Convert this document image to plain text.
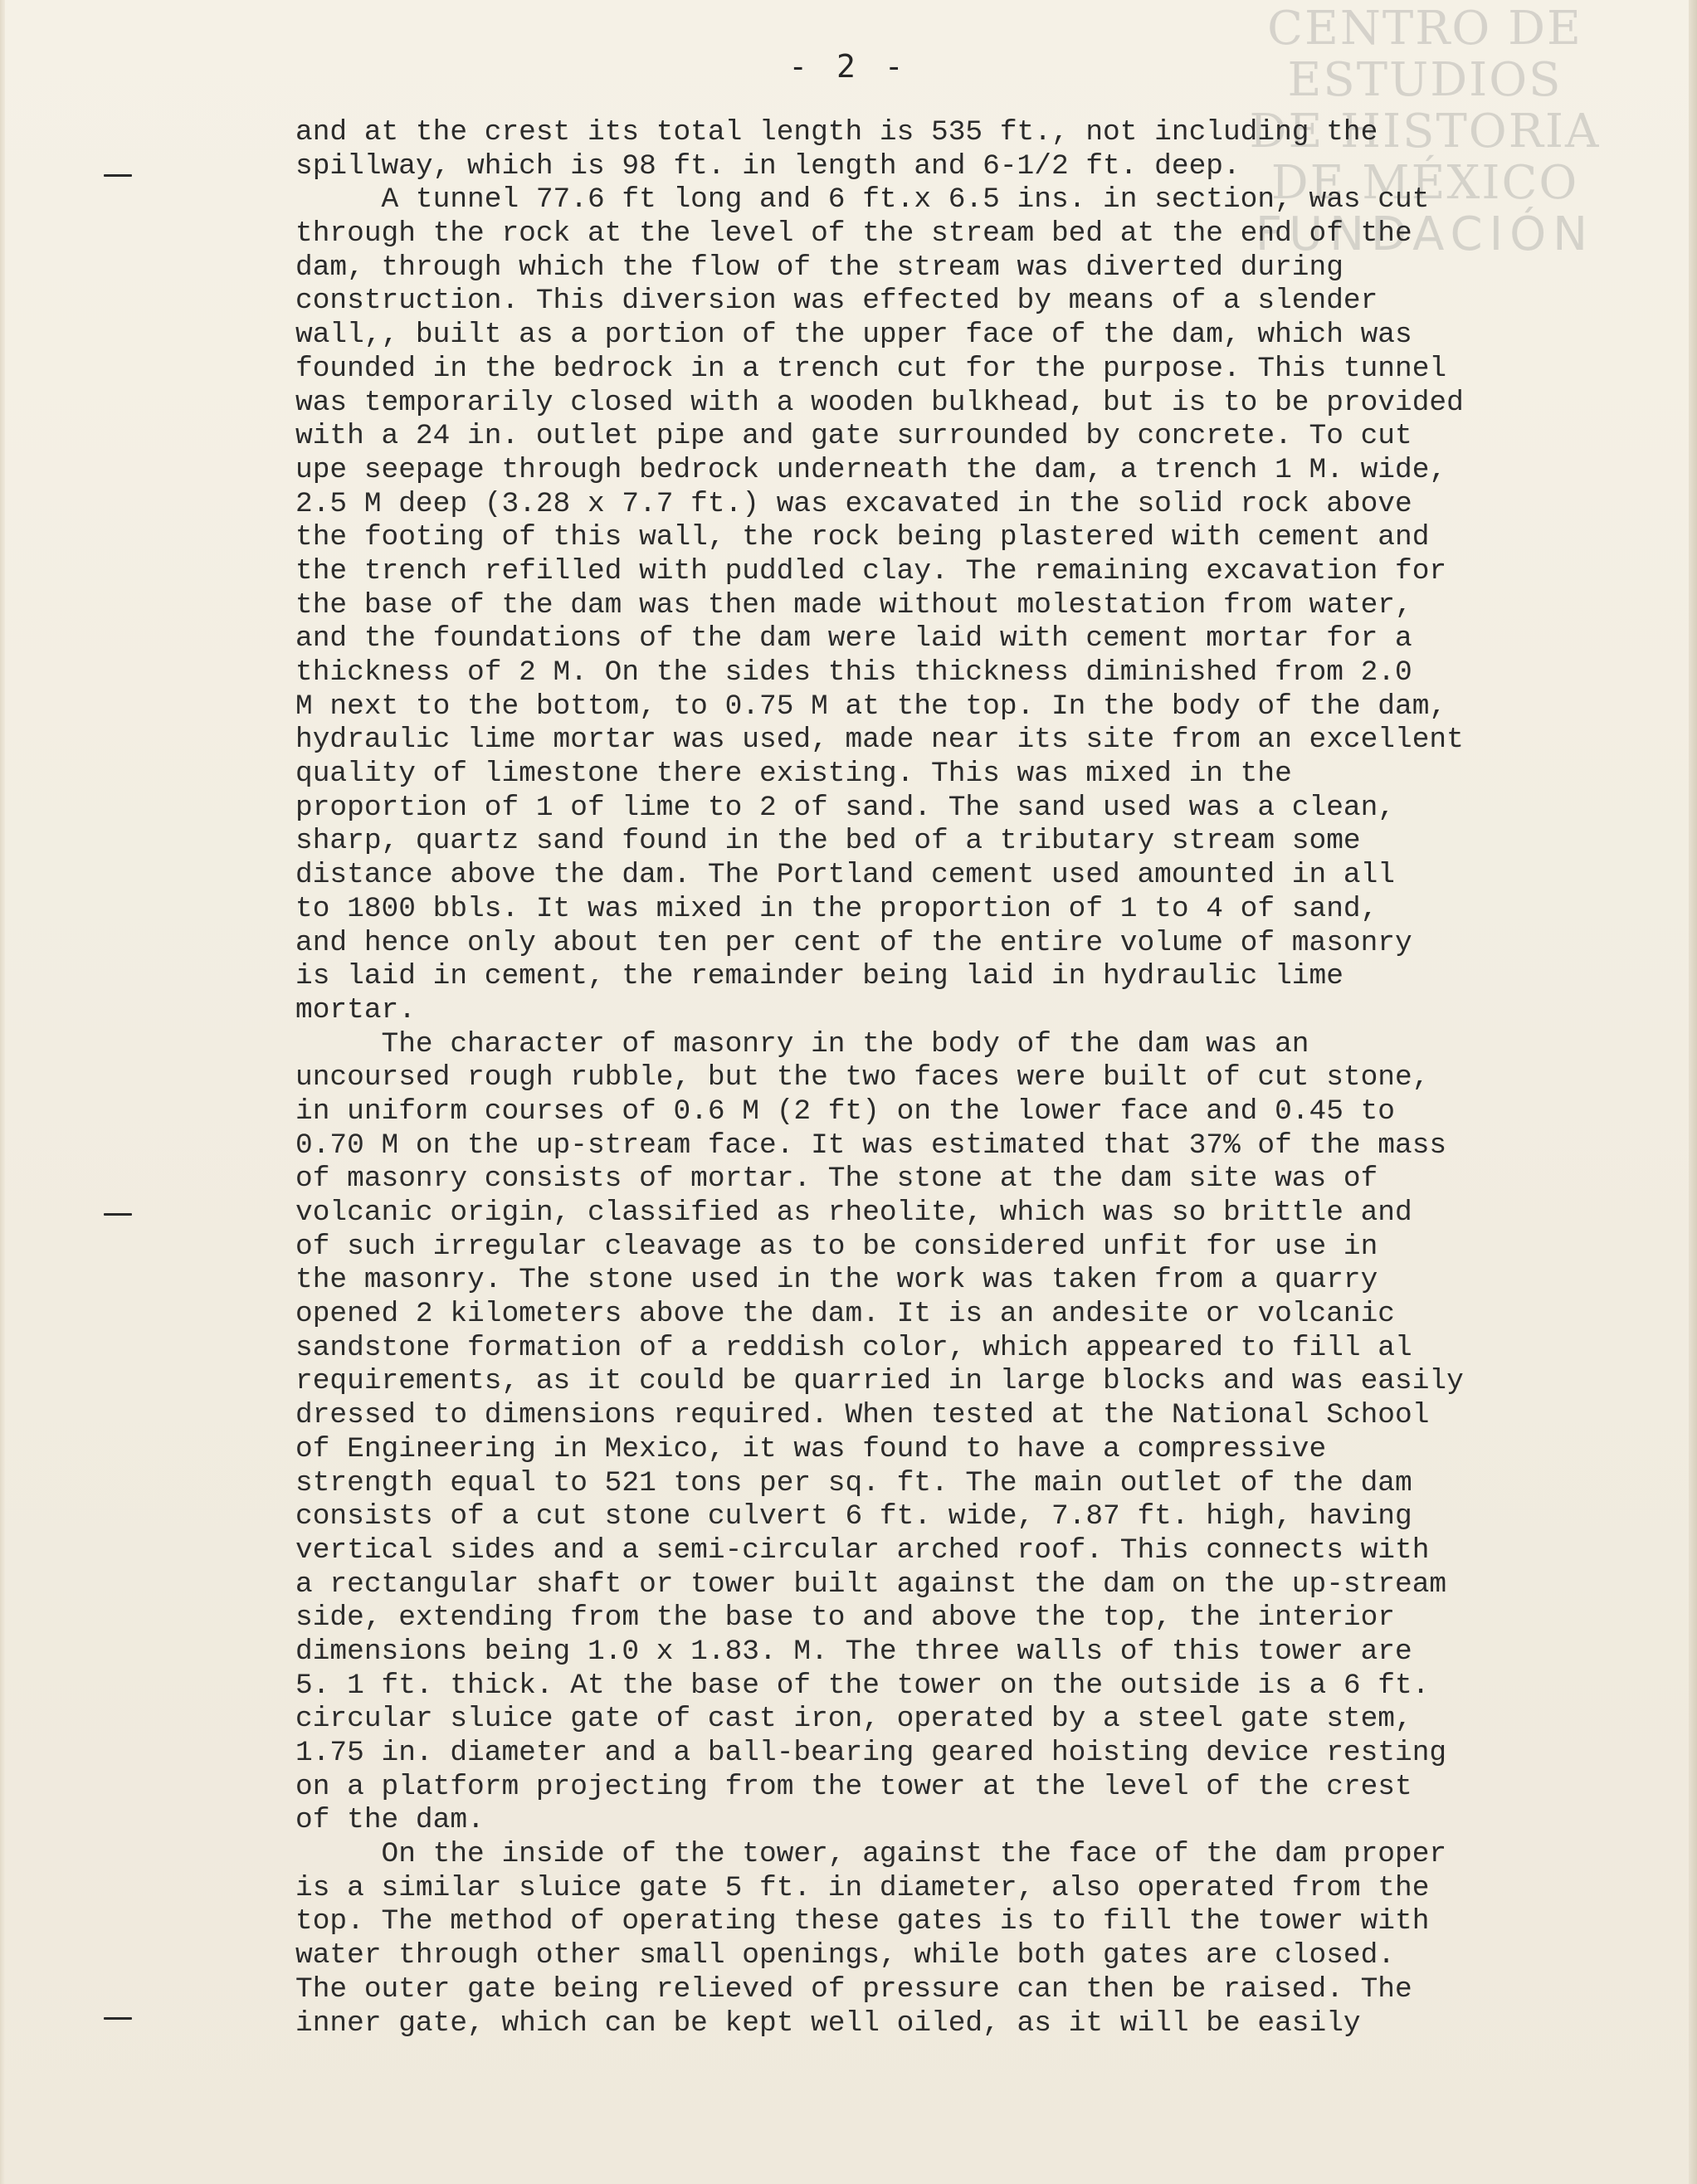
CENTRO DE
ESTUDIOS
DE HISTORIA
DE MÉXICO
FUNDACIÓN
- 2 -
and at the crest its total length is 535 ft., not including the
spillway, which is 98 ft. in length and 6-1/2 ft. deep.
A tunnel 77.6 ft long and 6 ft.x 6.5 ins. in section, was cut
through the rock at the level of the stream bed at the end of the
dam, through which the flow of the stream was diverted during
construction. This diversion was effected by means of a slender
wall,, built as a portion of the upper face of the dam, which was
founded in the bedrock in a trench cut for the purpose. This tunnel
was temporarily closed with a wooden bulkhead, but is to be provided
with a 24 in. outlet pipe and gate surrounded by concrete. To cut
upe seepage through bedrock underneath the dam, a trench 1 M. wide,
2.5 M deep (3.28 x 7.7 ft.) was excavated in the solid rock above
the footing of this wall, the rock being plastered with cement and
the trench refilled with puddled clay. The remaining excavation for
the base of the dam was then made without molestation from water,
and the foundations of the dam were laid with cement mortar for a
thickness of 2 M. On the sides this thickness diminished from 2.0
M next to the bottom, to 0.75 M at the top. In the body of the dam,
hydraulic lime mortar was used, made near its site from an excellent
quality of limestone there existing. This was mixed in the
proportion of 1 of lime to 2 of sand. The sand used was a clean,
sharp, quartz sand found in the bed of a tributary stream some
distance above the dam. The Portland cement used amounted in all
to 1800 bbls. It was mixed in the proportion of 1 to 4 of sand,
and hence only about ten per cent of the entire volume of masonry
is laid in cement, the remainder being laid in hydraulic lime
mortar.
The character of masonry in the body of the dam was an
uncoursed rough rubble, but the two faces were built of cut stone,
in uniform courses of 0.6 M (2 ft) on the lower face and 0.45 to
0.70 M on the up-stream face. It was estimated that 37% of the mass
of masonry consists of mortar. The stone at the dam site was of
volcanic origin, classified as rheolite, which was so brittle and
of such irregular cleavage as to be considered unfit for use in
the masonry. The stone used in the work was taken from a quarry
opened 2 kilometers above the dam. It is an andesite or volcanic
sandstone formation of a reddish color, which appeared to fill al
requirements, as it could be quarried in large blocks and was easily
dressed to dimensions required. When tested at the National School
of Engineering in Mexico, it was found to have a compressive
strength equal to 521 tons per sq. ft. The main outlet of the dam
consists of a cut stone culvert 6 ft. wide, 7.87 ft. high, having
vertical sides and a semi-circular arched roof. This connects with
a rectangular shaft or tower built against the dam on the up-stream
side, extending from the base to and above the top, the interior
dimensions being 1.0 x 1.83. M. The three walls of this tower are
5. 1 ft. thick. At the base of the tower on the outside is a 6 ft.
circular sluice gate of cast iron, operated by a steel gate stem,
1.75 in. diameter and a ball-bearing geared hoisting device resting
on a platform projecting from the tower at the level of the crest
of the dam.
On the inside of the tower, against the face of the dam proper
is a similar sluice gate 5 ft. in diameter, also operated from the
top. The method of operating these gates is to fill the tower with
water through other small openings, while both gates are closed.
The outer gate being relieved of pressure can then be raised. The
inner gate, which can be kept well oiled, as it will be easily
